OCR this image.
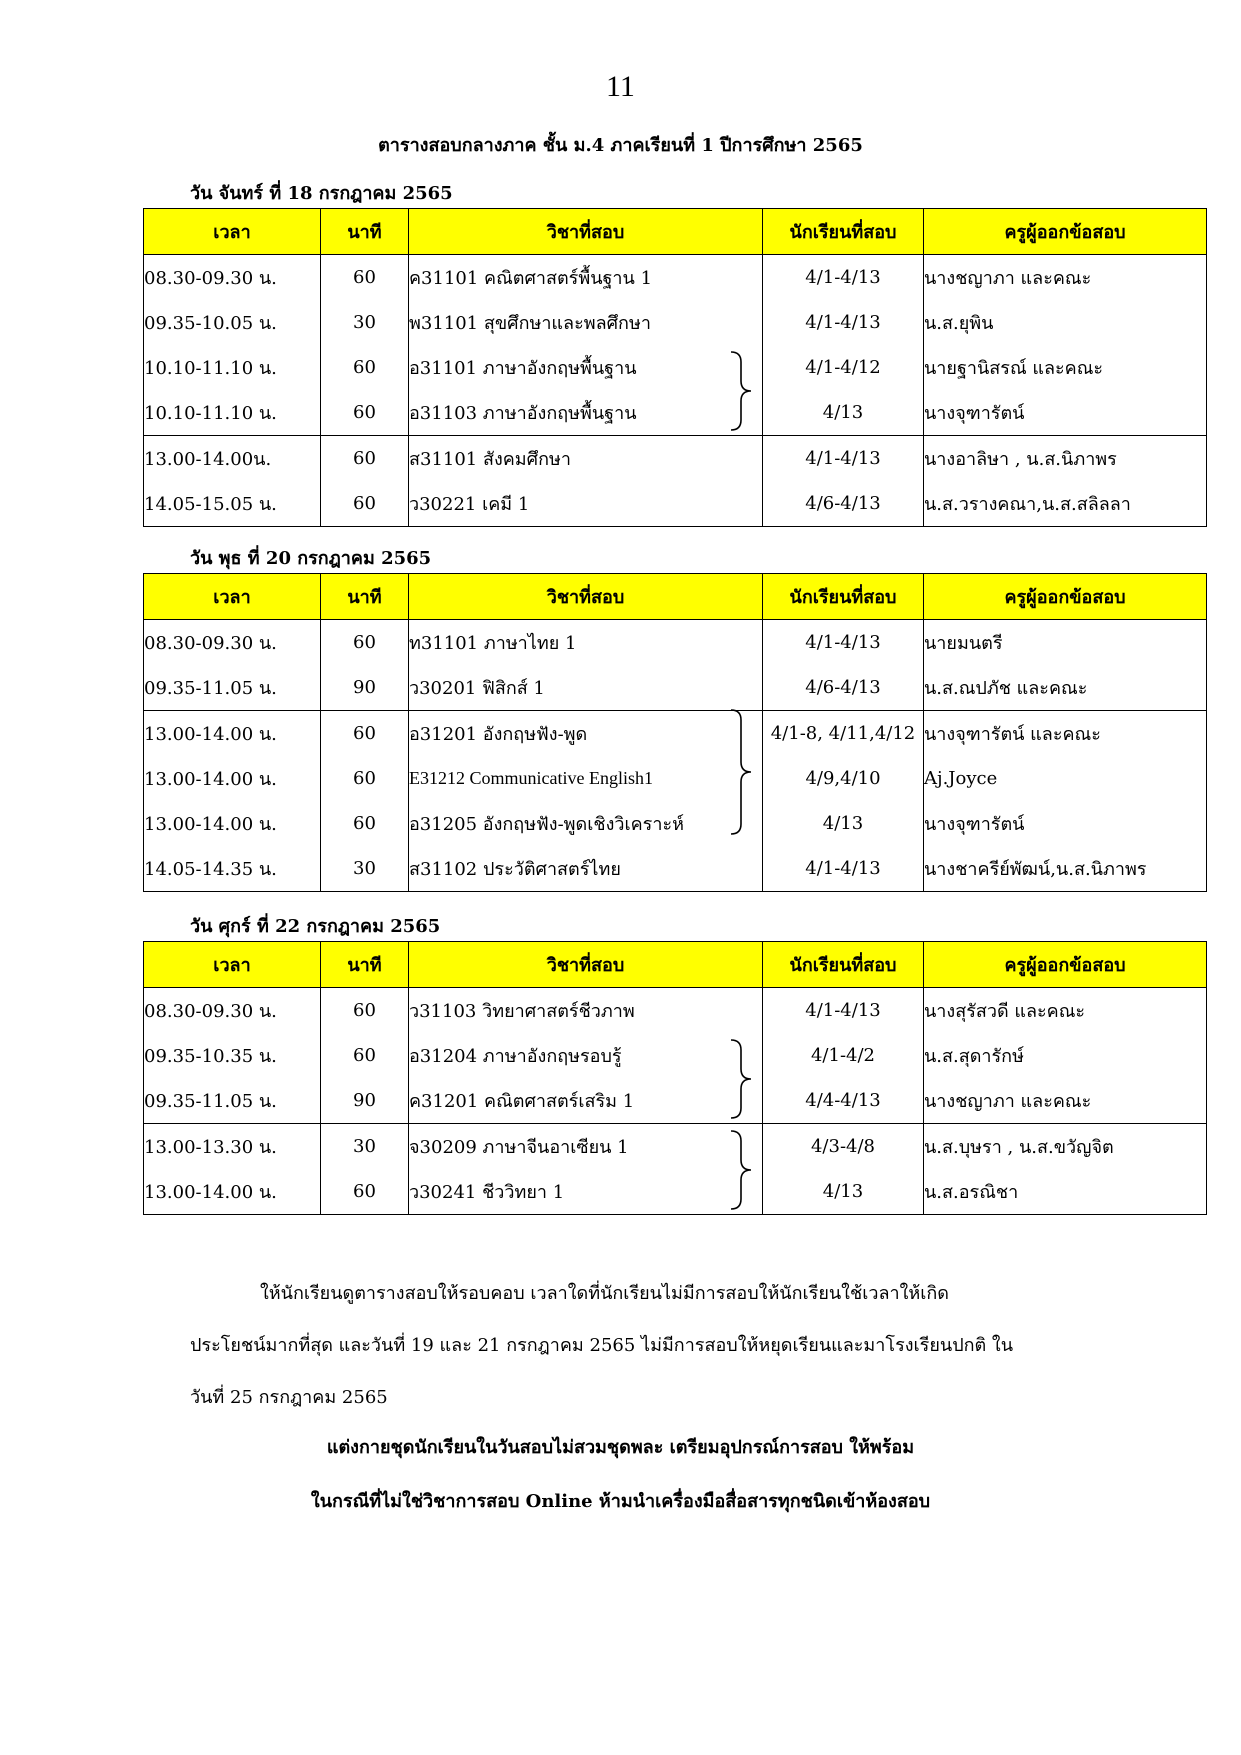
11
ตารางสอบกลางภาค ชั้น ม.4 ภาคเรียนที่ 1 ปีการศึกษา 2565
วัน จันทร์ ที่ 18 กรกฎาคม 2565
เวลา	นาที	วิชาที่สอบ	นักเรียนที่สอบ	ครูผู้ออกข้อสอบ
08.30-09.30 น.	60	ค31101 คณิตศาสตร์พื้นฐาน 1	4/1-4/13	นางชญาภา และคณะ
09.35-10.05 น.	30	พ31101 สุขศึกษาและพลศึกษา	4/1-4/13	น.ส.ยุพิน
10.10-11.10 น.	60	อ31101 ภาษาอังกฤษพื้นฐาน	4/1-4/12	นายฐานิสรณ์ และคณะ
10.10-11.10 น.	60	อ31103 ภาษาอังกฤษพื้นฐาน	4/13	นางจุฑารัตน์
13.00-14.00น.	60	ส31101 สังคมศึกษา	4/1-4/13	นางอาลิษา , น.ส.นิภาพร
14.05-15.05 น.	60	ว30221 เคมี 1	4/6-4/13	น.ส.วรางคณา,น.ส.สลิลลา
วัน พุธ ที่ 20 กรกฎาคม 2565
เวลา	นาที	วิชาที่สอบ	นักเรียนที่สอบ	ครูผู้ออกข้อสอบ
08.30-09.30 น.	60	ท31101 ภาษาไทย 1	4/1-4/13	นายมนตรี
09.35-11.05 น.	90	ว30201 ฟิสิกส์ 1	4/6-4/13	น.ส.ณปภัช และคณะ
13.00-14.00 น.	60	อ31201 อังกฤษฟัง-พูด	4/1-8, 4/11,4/12	นางจุฑารัตน์ และคณะ
13.00-14.00 น.	60	E31212 Communicative English1	4/9,4/10	Aj.Joyce
13.00-14.00 น.	60	อ31205 อังกฤษฟัง-พูดเชิงวิเคราะห์	4/13	นางจุฑารัตน์
14.05-14.35 น.	30	ส31102 ประวัติศาสตร์ไทย	4/1-4/13	นางชาครีย์พัฒน์,น.ส.นิภาพร
วัน ศุกร์ ที่ 22 กรกฎาคม 2565
เวลา	นาที	วิชาที่สอบ	นักเรียนที่สอบ	ครูผู้ออกข้อสอบ
08.30-09.30 น.	60	ว31103 วิทยาศาสตร์ชีวภาพ	4/1-4/13	นางสุรัสวดี และคณะ
09.35-10.35 น.	60	อ31204 ภาษาอังกฤษรอบรู้	4/1-4/2	น.ส.สุดารักษ์
09.35-11.05 น.	90	ค31201 คณิตศาสตร์เสริม 1	4/4-4/13	นางชญาภา และคณะ
13.00-13.30 น.	30	จ30209 ภาษาจีนอาเซียน 1	4/3-4/8	น.ส.บุษรา , น.ส.ขวัญจิต
13.00-14.00 น.	60	ว30241 ชีววิทยา 1	4/13	น.ส.อรณิชา
ให้นักเรียนดูตารางสอบให้รอบคอบ เวลาใดที่นักเรียนไม่มีการสอบให้นักเรียนใช้เวลาให้เกิด
ประโยชน์มากที่สุด และวันที่ 19 และ 21 กรกฎาคม 2565 ไม่มีการสอบให้หยุดเรียนและมาโรงเรียนปกติ ใน
วันที่ 25 กรกฎาคม 2565
แต่งกายชุดนักเรียนในวันสอบไม่สวมชุดพละ เตรียมอุปกรณ์การสอบ ให้พร้อม
ในกรณีที่ไม่ใช่วิชาการสอบ Online ห้ามนำเครื่องมือสื่อสารทุกชนิดเข้าห้องสอบ
